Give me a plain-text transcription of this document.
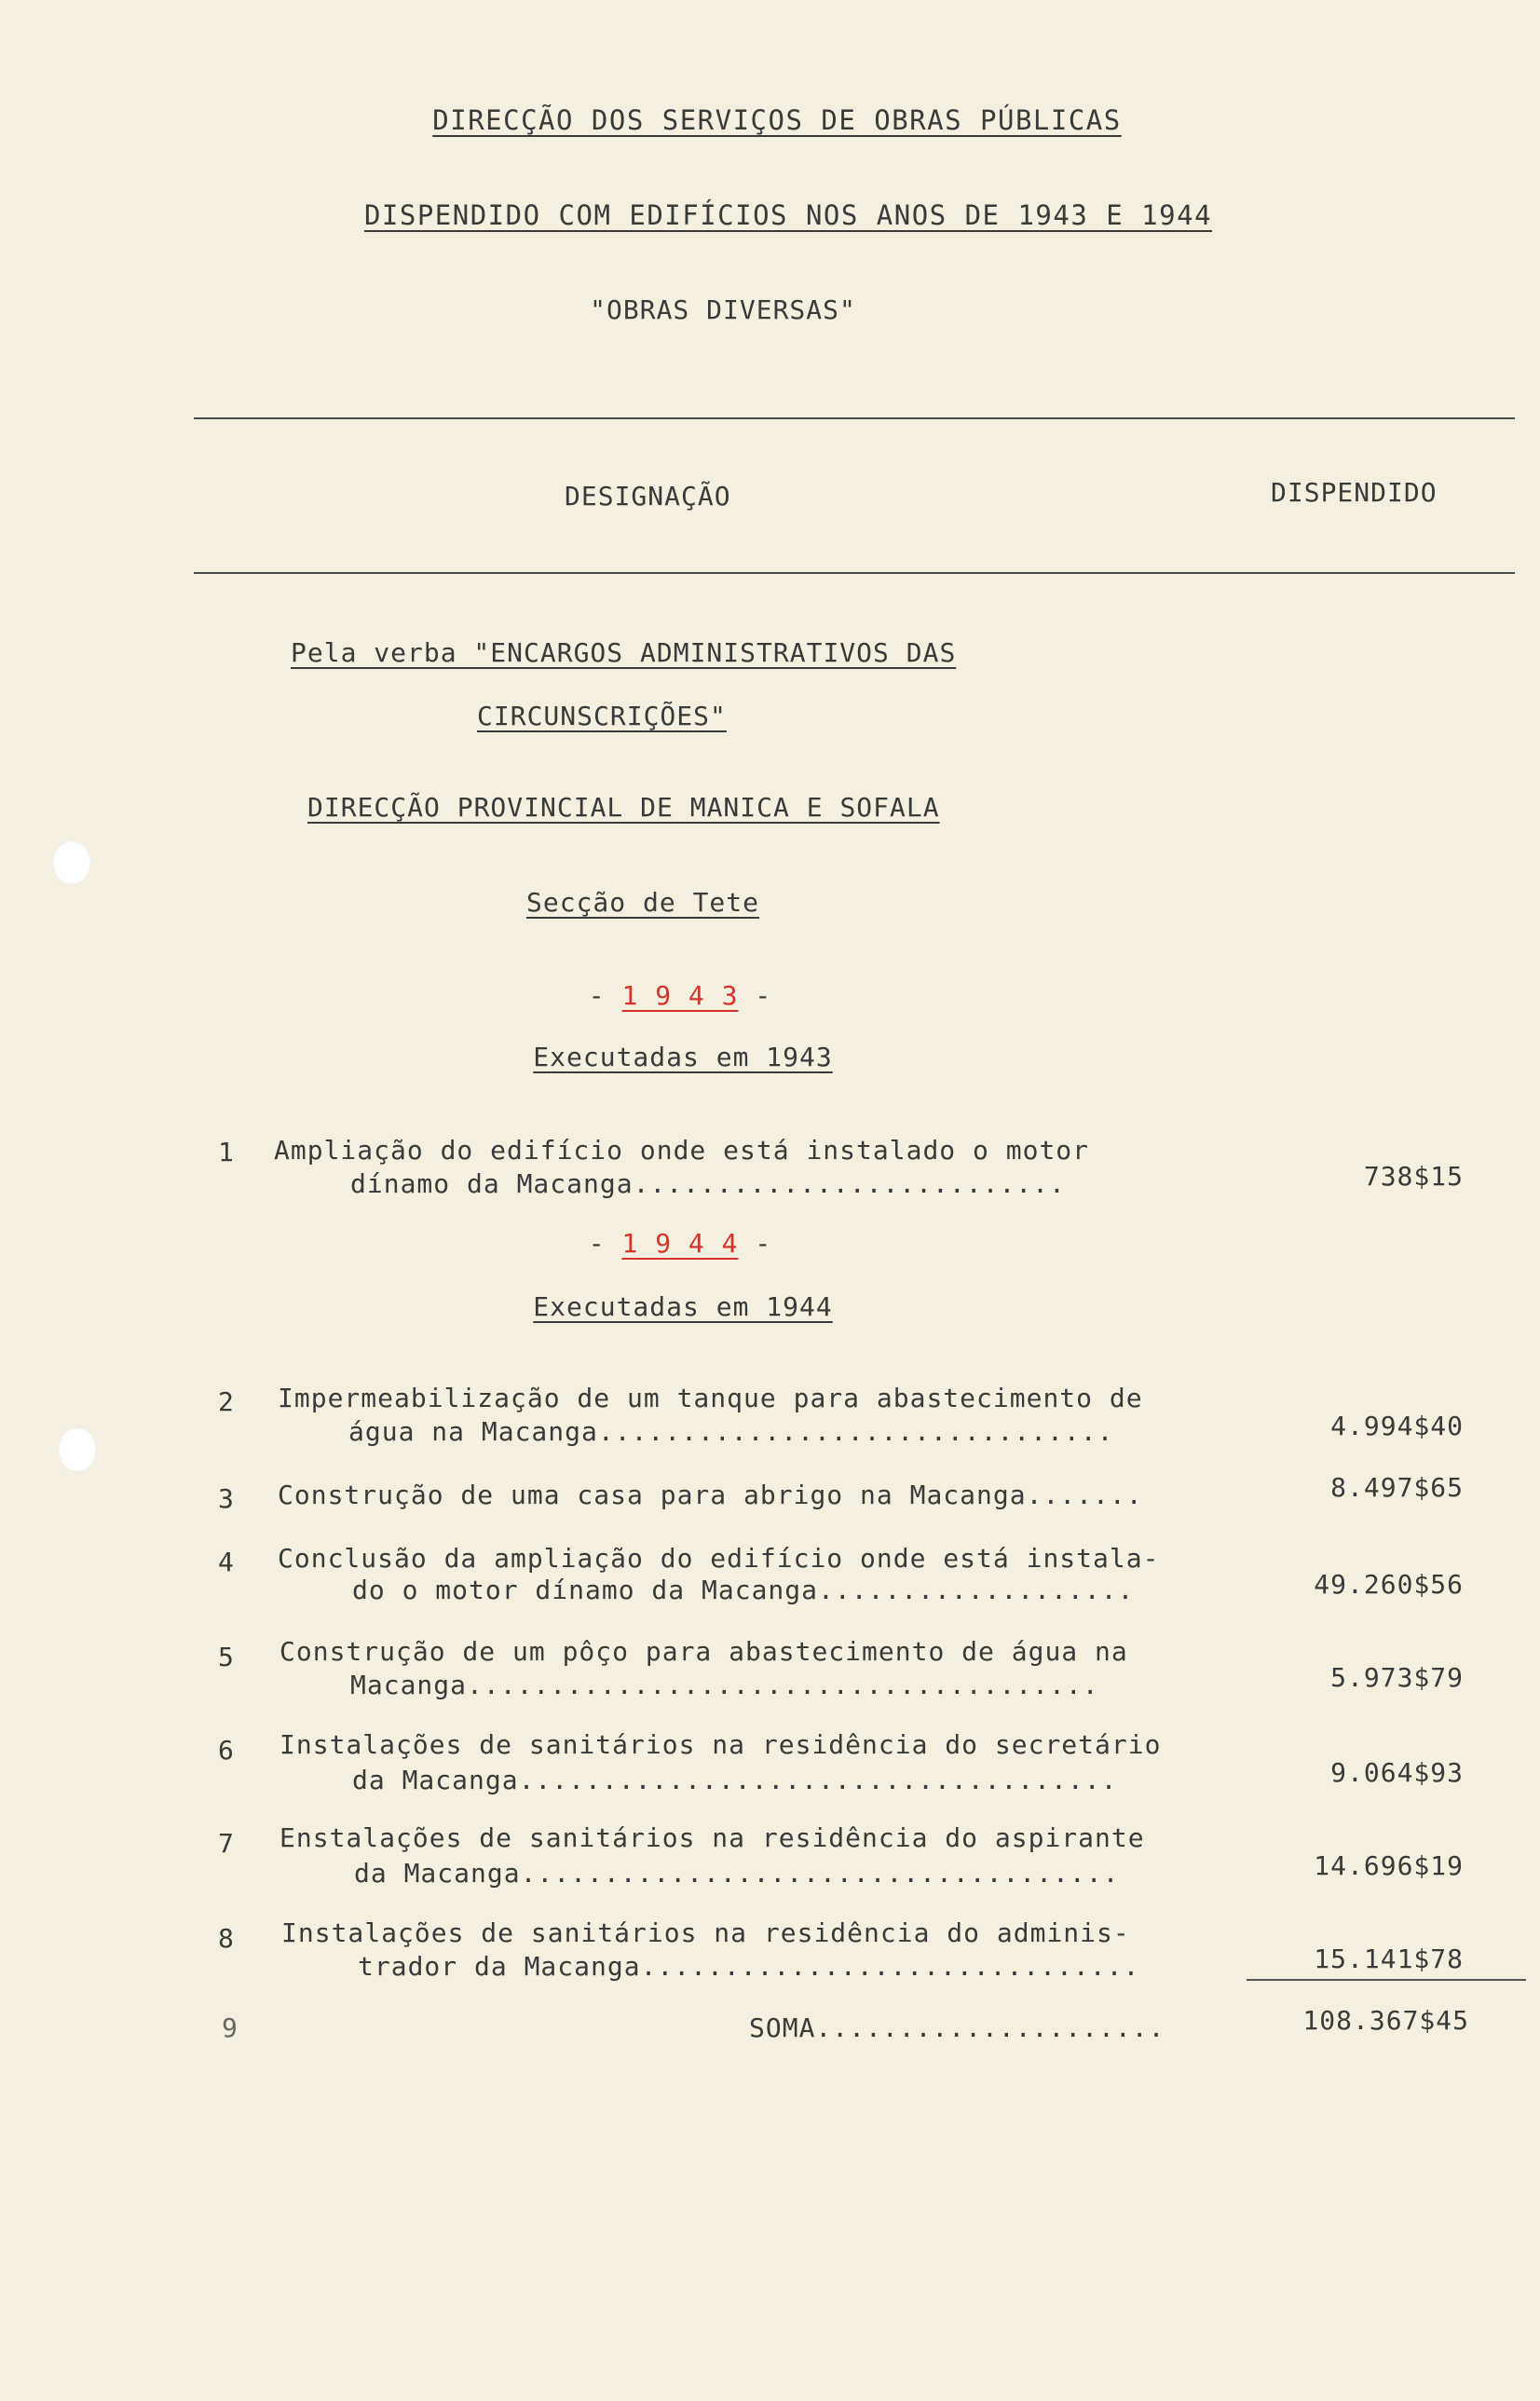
DIRECÇÃO DOS SERVIÇOS DE OBRAS PÚBLICAS
DISPENDIDO COM EDIFÍCIOS NOS ANOS DE 1943 E 1944
"OBRAS DIVERSAS"
DESIGNAÇÃO	DISPENDIDO
Pela verba "ENCARGOS ADMINISTRATIVOS DAS
CIRCUNSCRIÇÕES"
DIRECÇÃO PROVINCIAL DE MANICA E SOFALA
Secção de Tete
- 1 9 4 3 -
Executadas em 1943
1 Ampliação do edifício onde está instalado o motor
dínamo da Macanga..........................	738$15
- 1 9 4 4 -
Executadas em 1944
2 Impermeabilização de um tanque para abastecimento de
água na Macanga...............................	4.994$40
3 Construção de uma casa para abrigo na Macanga.......	8.497$65
4 Conclusão da ampliação do edifício onde está instala-
do o motor dínamo da Macanga...................	49.260$56
5 Construção de um pôço para abastecimento de água na
Macanga......................................	5.973$79
6 Instalações de sanitários na residência do secretário
da Macanga....................................	9.064$93
7 Enstalações de sanitários na residência do aspirante
da Macanga....................................	14.696$19
8 Instalações de sanitários na residência do adminis-
trador da Macanga..............................	15.141$78
9	SOMA.....................	108.367$45
